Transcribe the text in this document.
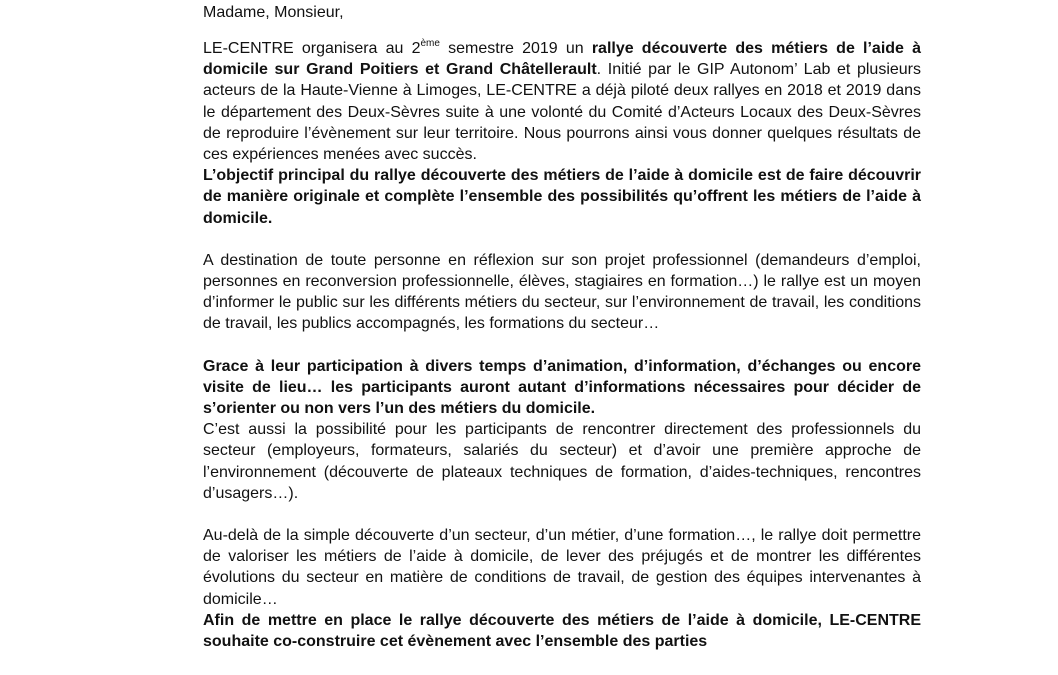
Madame, Monsieur,

LE-CENTRE organisera au 2ème semestre 2019 un rallye découverte des métiers de l’aide à domicile sur Grand Poitiers et Grand Châtellerault. Initié par le GIP Autonom’ Lab et plusieurs acteurs de la Haute-Vienne à Limoges, LE-CENTRE a déjà piloté deux rallyes en 2018 et 2019 dans le département des Deux-Sèvres suite à une volonté du Comité d’Acteurs Locaux des Deux-Sèvres de reproduire l’évènement sur leur territoire. Nous pourrons ainsi vous donner quelques résultats de ces expériences menées avec succès.

L’objectif principal du rallye découverte des métiers de l’aide à domicile est de faire découvrir de manière originale et complète l’ensemble des possibilités qu’offrent les métiers de l’aide à domicile.

A destination de toute personne en réflexion sur son projet professionnel (demandeurs d’emploi, personnes en reconversion professionnelle, élèves, stagiaires en formation…) le rallye est un moyen d’informer le public sur les différents métiers du secteur, sur l’environnement de travail, les conditions de travail, les publics accompagnés, les formations du secteur…

Grace à leur participation à divers temps d’animation, d’information, d’échanges ou encore visite de lieu… les participants auront autant d’informations nécessaires pour décider de s’orienter ou non vers l’un des métiers du domicile.

C’est aussi la possibilité pour les participants de rencontrer directement des professionnels du secteur (employeurs, formateurs, salariés du secteur) et d’avoir une première approche de l’environnement (découverte de plateaux techniques de formation, d’aides-techniques, rencontres d’usagers…).

Au-delà de la simple découverte d’un secteur, d’un métier, d’une formation…, le rallye doit permettre de valoriser les métiers de l’aide à domicile, de lever des préjugés et de montrer les différentes évolutions du secteur en matière de conditions de travail, de gestion des équipes intervenantes à domicile…

Afin de mettre en place le rallye découverte des métiers de l’aide à domicile, LE-CENTRE souhaite co-construire cet évènement avec l’ensemble des parties
